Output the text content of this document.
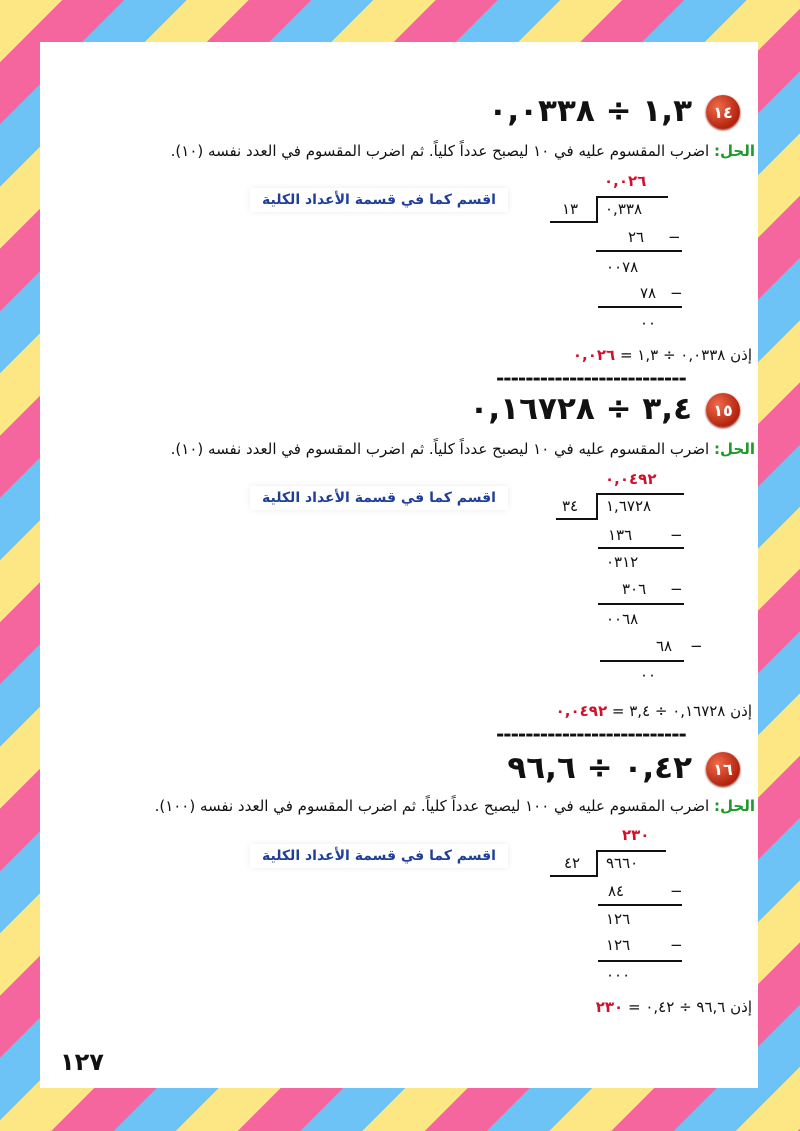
١٤
١,٣ ÷ ٠,٠٣٣٨
الحل: اضرب المقسوم عليه في ١٠ ليصبح عدداً كلياً. ثم اضرب المقسوم في العدد نفسه (١٠).
اقسم كما في قسمة الأعداد الكلية
٠,٠٢٦
١٣ ٠,٣٣٨
−
٢٦
٠٠٧٨
−
٧٨
٠٠
إذن ٠,٠٣٣٨ ÷ ١,٣ = ٠,٠٢٦
--------------------------
١٥
٣,٤ ÷ ٠,١٦٧٢٨
الحل: اضرب المقسوم عليه في ١٠ ليصبح عدداً كلياً. ثم اضرب المقسوم في العدد نفسه (١٠).
اقسم كما في قسمة الأعداد الكلية
٠,٠٤٩٢
٣٤ ١,٦٧٢٨
−
١٣٦
٠٣١٢
−
٣٠٦
٠٠٦٨
−
٦٨
٠٠
إذن ٠,١٦٧٢٨ ÷ ٣,٤ = ٠,٠٤٩٢
--------------------------
١٦
٠,٤٢ ÷ ٩٦,٦
الحل: اضرب المقسوم عليه في ١٠٠ ليصبح عدداً كلياً. ثم اضرب المقسوم في العدد نفسه (١٠٠).
اقسم كما في قسمة الأعداد الكلية
٢٣٠
٤٢ ٩٦٦٠
−
٨٤
١٢٦
−
١٢٦
٠٠٠
إذن ٩٦,٦ ÷ ٠,٤٢ = ٢٣٠
١٢٧
